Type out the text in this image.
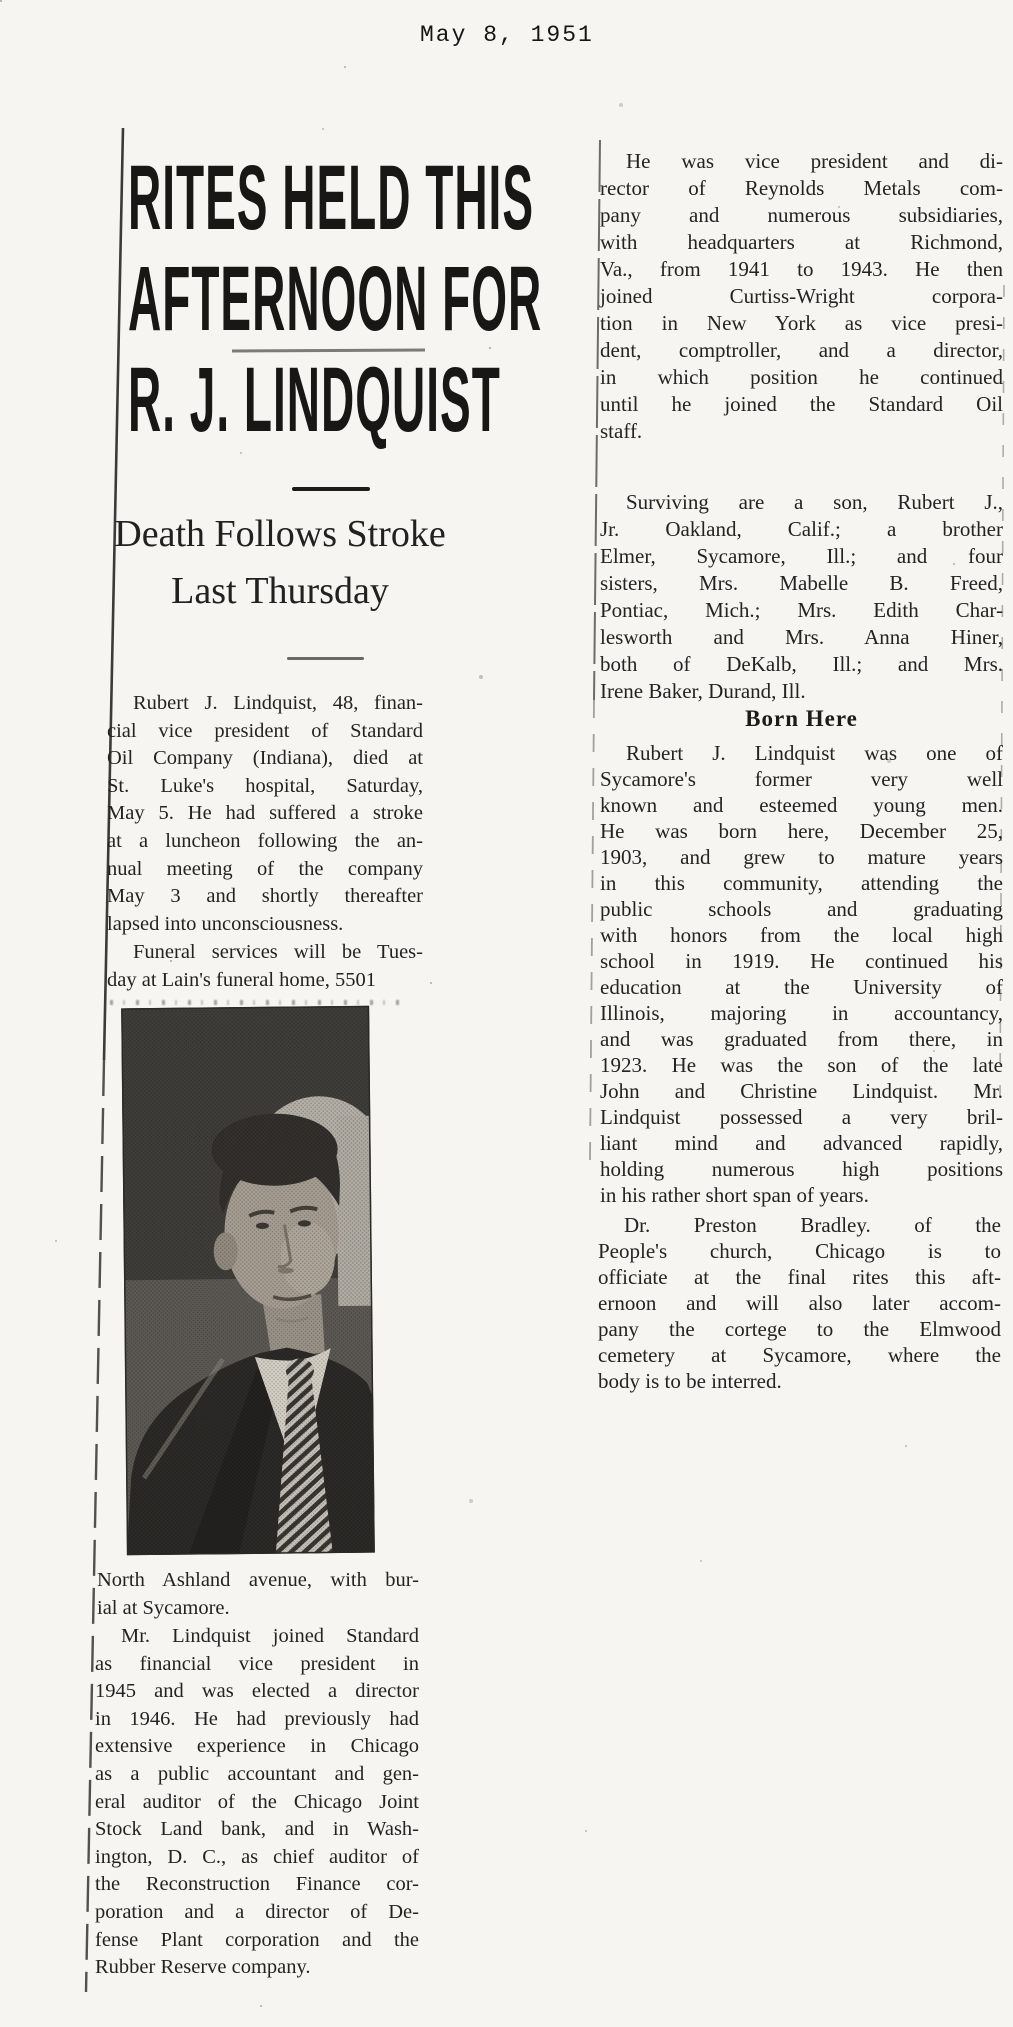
May 8, 1951
RITES HELD THIS
AFTERNOON FOR
R. J. LINDQUIST
Death Follows Stroke
Last Thursday
Rubert J. Lindquist, 48, finan-
cial vice president of Standard
Oil Company (Indiana), died at
St. Luke's hospital, Saturday,
May 5. He had suffered a stroke
at a luncheon following the an-
nual meeting of the company
May 3 and shortly thereafter
lapsed into unconsciousness.
Funeral services will be Tues-
day at Lain's funeral home, 5501
North Ashland avenue, with bur-
ial at Sycamore.
Mr. Lindquist joined Standard
as financial vice president in
1945 and was elected a director
in 1946. He had previously had
extensive experience in Chicago
as a public accountant and gen-
eral auditor of the Chicago Joint
Stock Land bank, and in Wash-
ington, D. C., as chief auditor of
the Reconstruction Finance cor-
poration and a director of De-
fense Plant corporation and the
Rubber Reserve company.
He was vice president and di-
rector of Reynolds Metals com-
pany and numerous subsidiaries,
with headquarters at Richmond,
Va., from 1941 to 1943. He then
joined Curtiss-Wright corpora-
tion in New York as vice presi-
dent, comptroller, and a director,
in which position he continued
until he joined the Standard Oil
staff.
Surviving are a son, Rubert J.,
Jr. Oakland, Calif.; a brother
Elmer, Sycamore, Ill.; and four
sisters, Mrs. Mabelle B. Freed,
Pontiac, Mich.; Mrs. Edith Char-
lesworth and Mrs. Anna Hiner,
both of DeKalb, Ill.; and Mrs.
Irene Baker, Durand, Ill.
Born Here
Rubert J. Lindquist was one of
Sycamore's former very well
known and esteemed young men.
He was born here, December 25,
1903, and grew to mature years
in this community, attending the
public schools and graduating
with honors from the local high
school in 1919. He continued his
education at the University of
Illinois, majoring in accountancy,
and was graduated from there, in
1923. He was the son of the late
John and Christine Lindquist. Mr.
Lindquist possessed a very bril-
liant mind and advanced rapidly,
holding numerous high positions
in his rather short span of years.
Dr. Preston Bradley. of the
People's church, Chicago is to
officiate at the final rites this aft-
ernoon and will also later accom-
pany the cortege to the Elmwood
cemetery at Sycamore, where the
body is to be interred.
